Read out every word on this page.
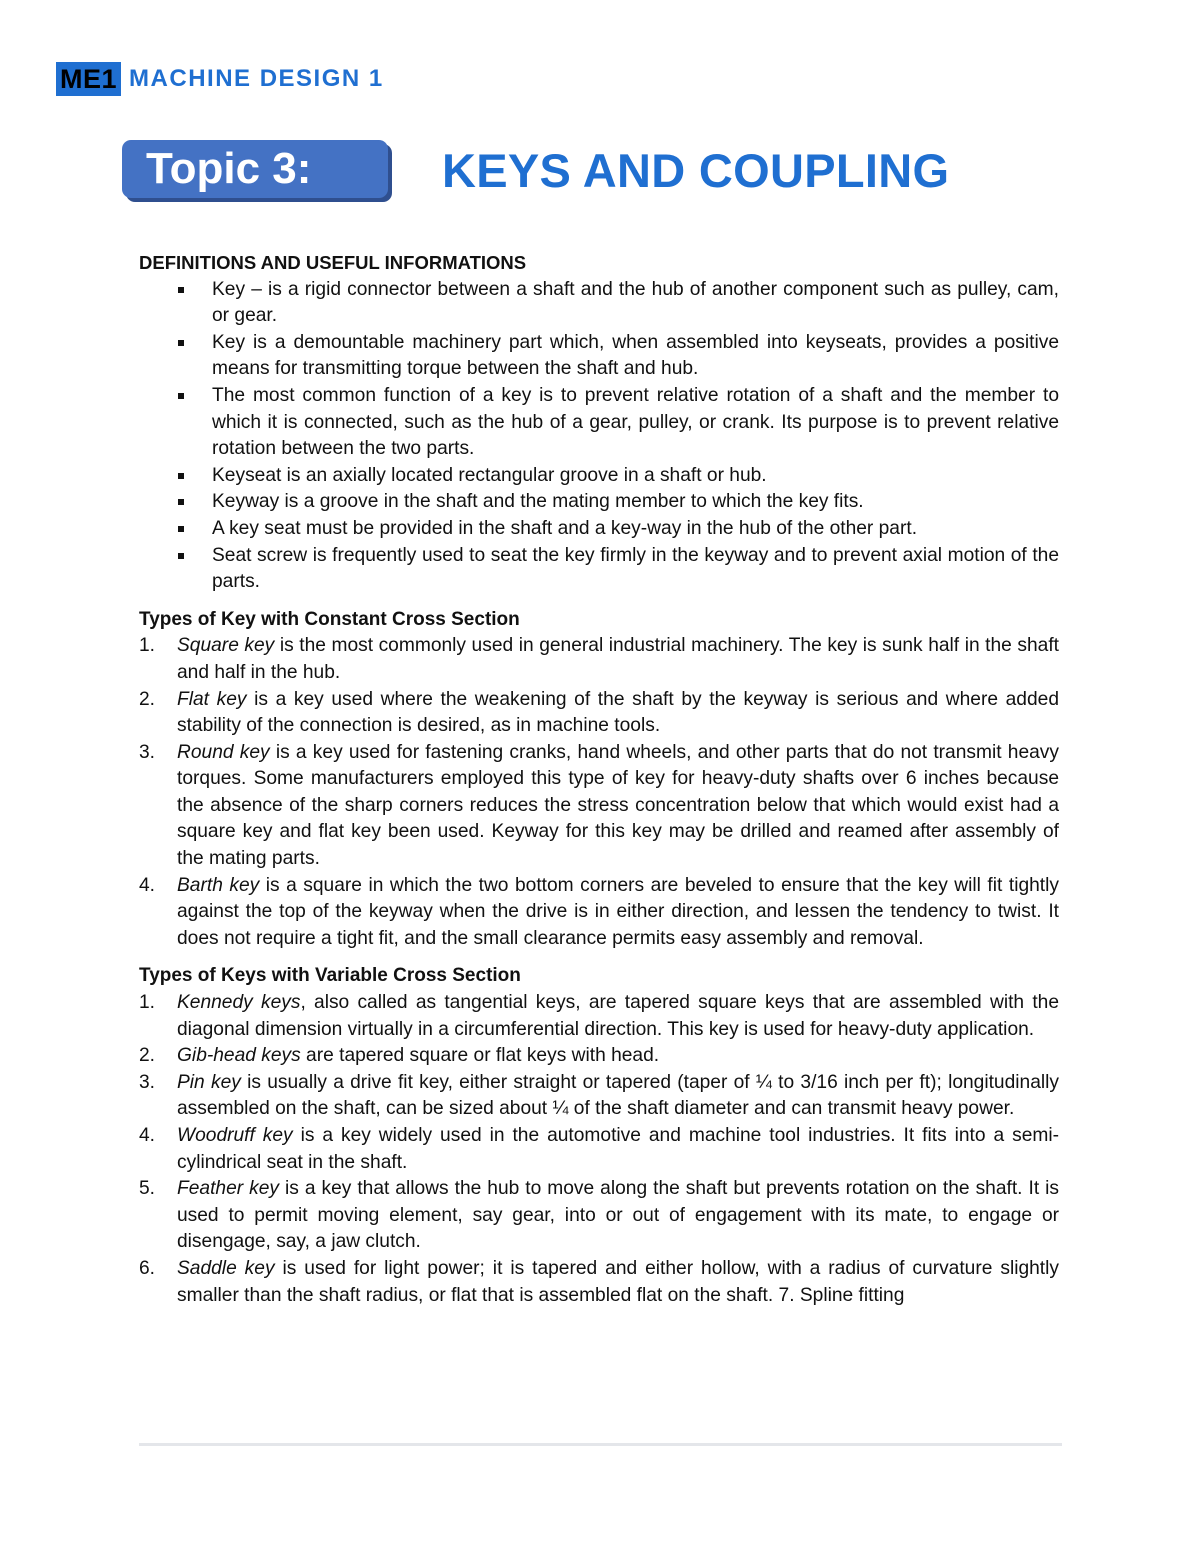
ME1 MACHINE DESIGN 1
Topic 3:	KEYS AND COUPLING

DEFINITIONS AND USEFUL INFORMATIONS

Key – is a rigid connector between a shaft and the hub of another component such as pulley, cam, or gear.
Key is a demountable machinery part which, when assembled into keyseats, provides a positive means for transmitting torque between the shaft and hub.
The most common function of a key is to prevent relative rotation of a shaft and the member to which it is connected, such as the hub of a gear, pulley, or crank. Its purpose is to prevent relative rotation between the two parts.
Keyseat is an axially located rectangular groove in a shaft or hub.
Keyway is a groove in the shaft and the mating member to which the key fits.
A key seat must be provided in the shaft and a key-way in the hub of the other part.
Seat screw is frequently used to seat the key firmly in the keyway and to prevent axial motion of the parts.

Types of Key with Constant Cross Section

1. Square key is the most commonly used in general industrial machinery. The key is sunk half in the shaft and half in the hub.
2. Flat key is a key used where the weakening of the shaft by the keyway is serious and where added stability of the connection is desired, as in machine tools.
3. Round key is a key used for fastening cranks, hand wheels, and other parts that do not transmit heavy torques. Some manufacturers employed this type of key for heavy-duty shafts over 6 inches because the absence of the sharp corners reduces the stress concentration below that which would exist had a square key and flat key been used. Keyway for this key may be drilled and reamed after assembly of the mating parts.
4. Barth key is a square in which the two bottom corners are beveled to ensure that the key will fit tightly against the top of the keyway when the drive is in either direction, and lessen the tendency to twist. It does not require a tight fit, and the small clearance permits easy assembly and removal.

Types of Keys with Variable Cross Section

1. Kennedy keys, also called as tangential keys, are tapered square keys that are assembled with the diagonal dimension virtually in a circumferential direction. This key is used for heavy-duty application.
2. Gib-head keys are tapered square or flat keys with head.
3. Pin key is usually a drive fit key, either straight or tapered (taper of ¼ to 3/16 inch per ft); longitudinally assembled on the shaft, can be sized about ¼ of the shaft diameter and can transmit heavy power.
4. Woodruff key is a key widely used in the automotive and machine tool industries. It fits into a semi-cylindrical seat in the shaft.
5. Feather key is a key that allows the hub to move along the shaft but prevents rotation on the shaft. It is used to permit moving element, say gear, into or out of engagement with its mate, to engage or disengage, say, a jaw clutch.
6. Saddle key is used for light power; it is tapered and either hollow, with a radius of curvature slightly smaller than the shaft radius, or flat that is assembled flat on the shaft. 7. Spline fitting
